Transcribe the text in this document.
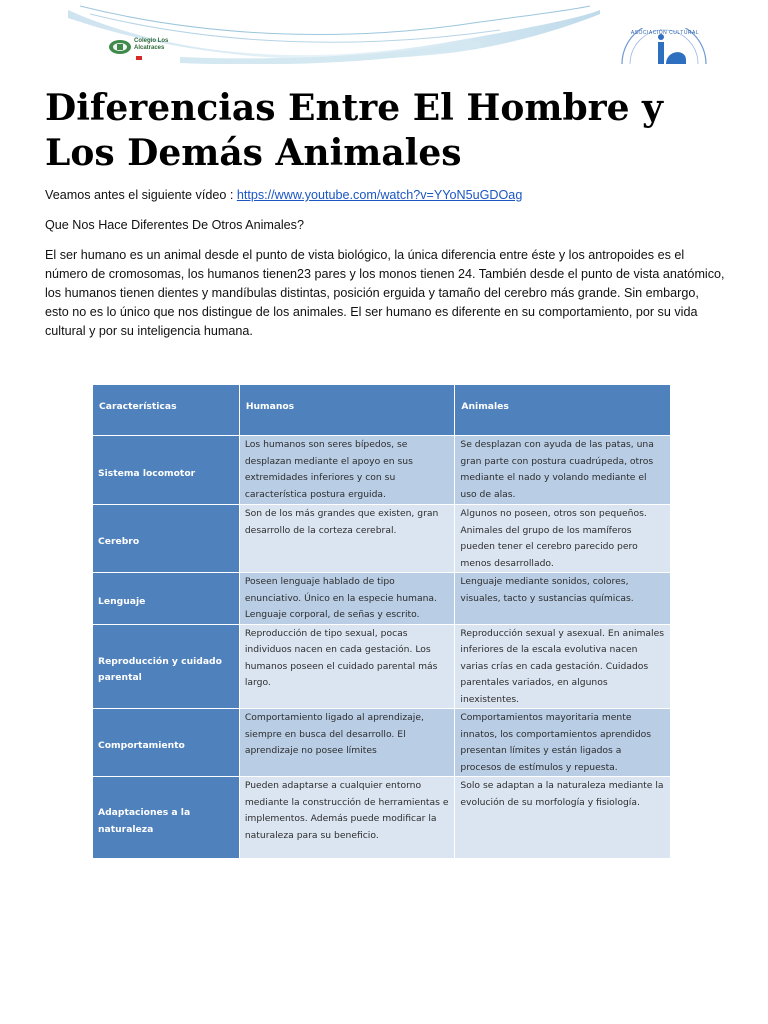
Colegio Los Alcatraces
ASOCIACIÓN CULTURAL
Diferencias Entre El Hombre y Los Demás Animales

Veamos antes el siguiente vídeo : https://www.youtube.com/watch?v=YYoN5uGDOag

Que Nos Hace Diferentes De Otros Animales?

El ser humano es un animal desde el punto de vista biológico, la única diferencia entre éste y los antropoides es el número de cromosomas, los humanos tienen23 pares y los monos tienen 24. También desde el punto de vista anatómico, los humanos tienen dientes y mandíbulas distintas, posición erguida y tamaño del cerebro más grande. Sin embargo, esto no es lo único que nos distingue de los animales. El ser humano es diferente en su comportamiento, por su vida cultural y por su inteligencia humana.

Características	Humanos	Animales
Sistema locomotor	Los humanos son seres bípedos, se desplazan mediante el apoyo en sus extremidades inferiores y con su característica postura erguida.	Se desplazan con ayuda de las patas, una gran parte con postura cuadrúpeda, otros mediante el nado y volando mediante el uso de alas.
Cerebro	Son de los más grandes que existen, gran desarrollo de la corteza cerebral.	Algunos no poseen, otros son pequeños. Animales del grupo de los mamíferos pueden tener el cerebro parecido pero menos desarrollado.
Lenguaje	Poseen lenguaje hablado de tipo enunciativo. Único en la especie humana. Lenguaje corporal, de señas y escrito.	Lenguaje mediante sonidos, colores, visuales, tacto y sustancias químicas.
Reproducción y cuidado parental	Reproducción de tipo sexual, pocas individuos nacen en cada gestación. Los humanos poseen el cuidado parental más largo.	Reproducción sexual y asexual. En animales inferiores de la escala evolutiva nacen varias crías en cada gestación. Cuidados parentales variados, en algunos inexistentes.
Comportamiento	Comportamiento ligado al aprendizaje, siempre en busca del desarrollo. El aprendizaje no posee límites	Comportamientos mayoritaria mente innatos, los comportamientos aprendidos presentan límites y están ligados a procesos de estímulos y repuesta.
Adaptaciones a la naturaleza	Pueden adaptarse a cualquier entorno mediante la construcción de herramientas e implementos. Además puede modificar la naturaleza para su beneficio.	Solo se adaptan a la naturaleza mediante la evolución de su morfología y fisiología.
